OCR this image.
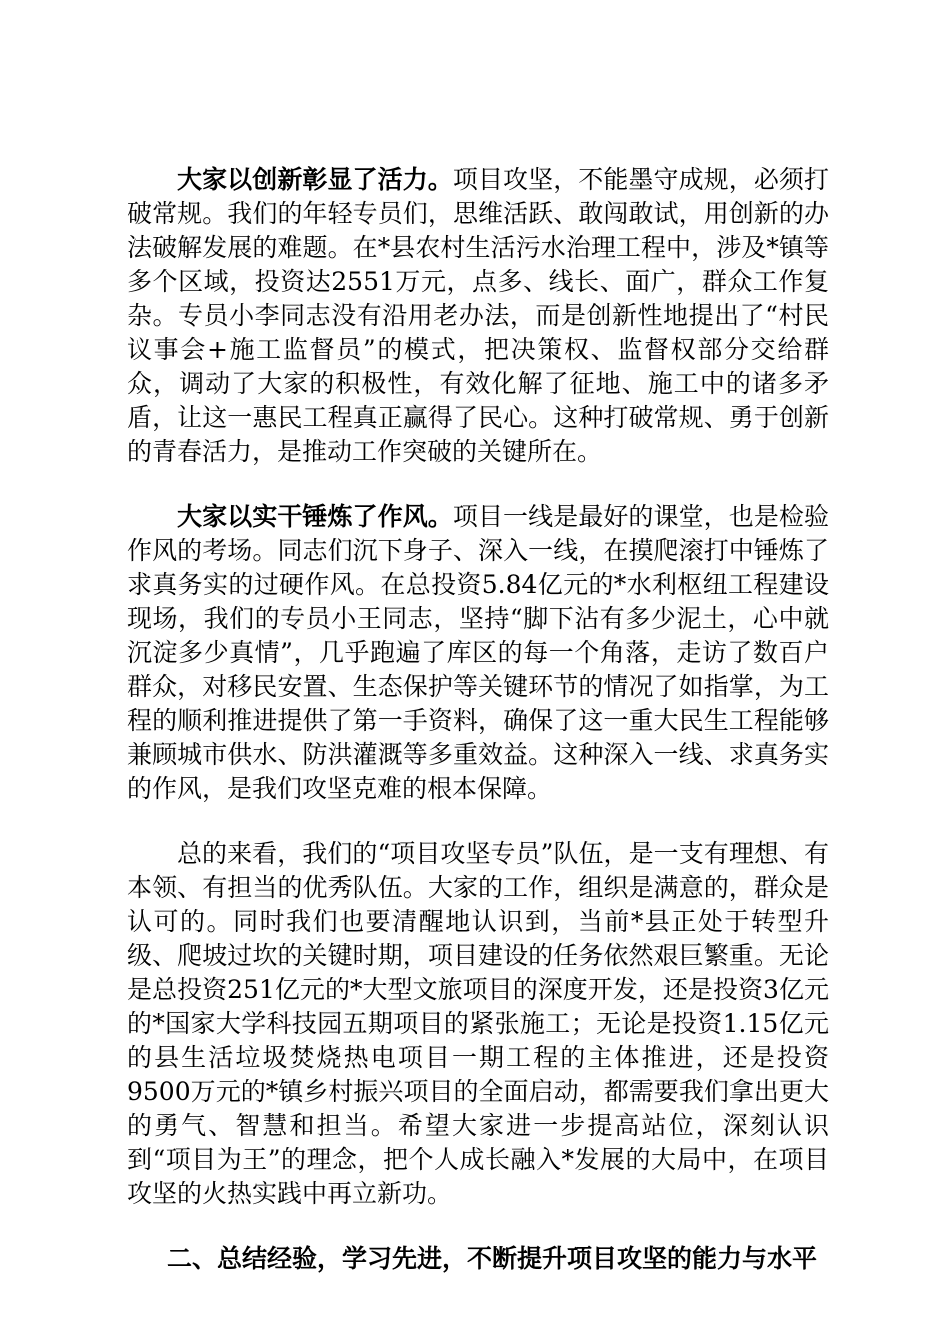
大家以创新彰显了活力。项目攻坚，不能墨守成规，必须打破常规。我们的年轻专员们，思维活跃、敢闯敢试，用创新的办法破解发展的难题。在*县农村生活污水治理工程中，涉及*镇等多个区域，投资达2551万元，点多、线长、面广，群众工作复杂。专员小李同志没有沿用老办法，而是创新性地提出了“村民议事会+施工监督员”的模式，把决策权、监督权部分交给群众，调动了大家的积极性，有效化解了征地、施工中的诸多矛盾，让这一惠民工程真正赢得了民心。这种打破常规、勇于创新的青春活力，是推动工作突破的关键所在。

大家以实干锤炼了作风。项目一线是最好的课堂，也是检验作风的考场。同志们沉下身子、深入一线，在摸爬滚打中锤炼了求真务实的过硬作风。在总投资5.84亿元的*水利枢纽工程建设现场，我们的专员小王同志，坚持“脚下沾有多少泥土，心中就沉淀多少真情”，几乎跑遍了库区的每一个角落，走访了数百户群众，对移民安置、生态保护等关键环节的情况了如指掌，为工程的顺利推进提供了第一手资料，确保了这一重大民生工程能够兼顾城市供水、防洪灌溉等多重效益。这种深入一线、求真务实的作风，是我们攻坚克难的根本保障。

总的来看，我们的“项目攻坚专员”队伍，是一支有理想、有本领、有担当的优秀队伍。大家的工作，组织是满意的，群众是认可的。同时我们也要清醒地认识到，当前*县正处于转型升级、爬坡过坎的关键时期，项目建设的任务依然艰巨繁重。无论是总投资251亿元的*大型文旅项目的深度开发，还是投资3亿元的*国家大学科技园五期项目的紧张施工；无论是投资1.15亿元的县生活垃圾焚烧热电项目一期工程的主体推进，还是投资9500万元的*镇乡村振兴项目的全面启动，都需要我们拿出更大的勇气、智慧和担当。希望大家进一步提高站位，深刻认识到“项目为王”的理念，把个人成长融入*发展的大局中，在项目攻坚的火热实践中再立新功。

二、总结经验，学习先进，不断提升项目攻坚的能力与水平
